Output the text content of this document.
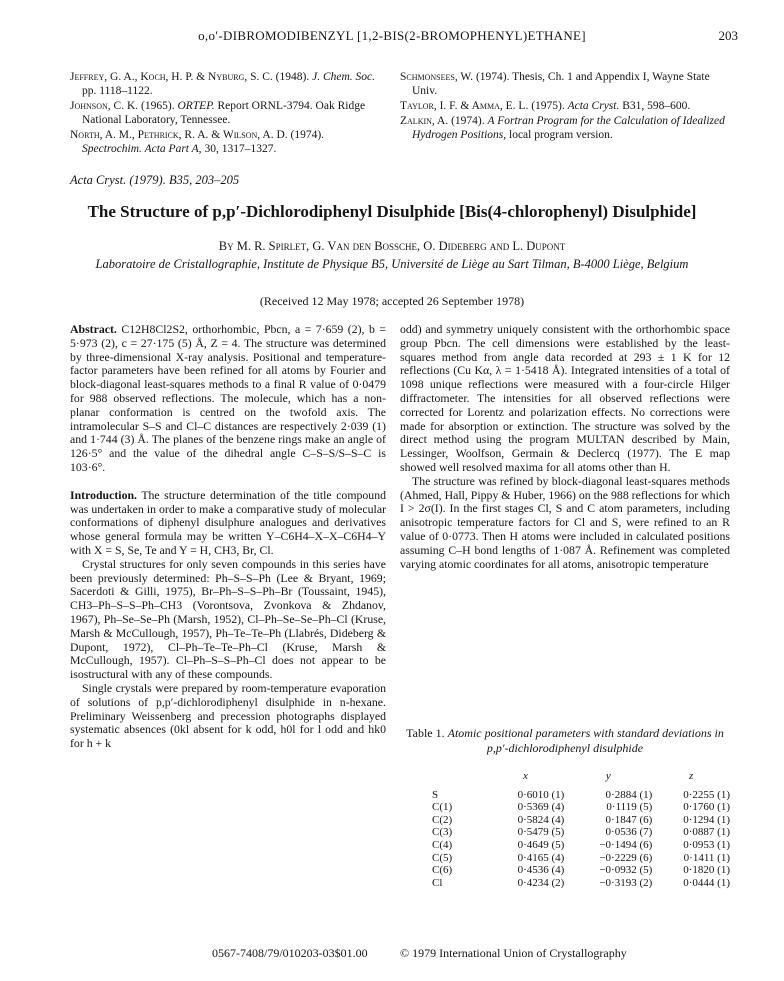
o,o′-DIBROMODIBENZYL [1,2-BIS(2-BROMOPHENYL)ETHANE]	203

Jeffrey, G. A., Koch, H. P. & Nyburg, S. C. (1948). J. Chem. Soc. pp. 1118–1122.

Johnson, C. K. (1965). ORTEP. Report ORNL-3794. Oak Ridge National Laboratory, Tennessee.

North, A. M., Pethrick, R. A. & Wilson, A. D. (1974). Spectrochim. Acta Part A, 30, 1317–1327.

Schmonsees, W. (1974). Thesis, Ch. 1 and Appendix I, Wayne State Univ.

Taylor, I. F. & Amma, E. L. (1975). Acta Cryst. B31, 598–600.

Zalkin, A. (1974). A Fortran Program for the Calculation of Idealized Hydrogen Positions, local program version.

Acta Cryst. (1979). B35, 203–205
The Structure of p,p′-Dichlorodiphenyl Disulphide [Bis(4-chlorophenyl) Disulphide]
By M. R. Spirlet, G. Van den Bossche, O. Dideberg and L. Dupont
Laboratoire de Cristallographie, Institute de Physique B5, Université de Liège au Sart Tilman, B-4000 Liège, Belgium
(Received 12 May 1978; accepted 26 September 1978)

Abstract. C12H8Cl2S2, orthorhombic, Pbcn, a = 7·659 (2), b = 5·973 (2), c = 27·175 (5) Å, Z = 4. The structure was determined by three-dimensional X-ray analysis. Positional and temperature-factor parameters have been refined for all atoms by Fourier and block-diagonal least-squares methods to a final R value of 0·0479 for 988 observed reflections. The molecule, which has a non-planar conformation is centred on the twofold axis. The intramolecular S–S and Cl–C distances are respectively 2·039 (1) and 1·744 (3) Å. The planes of the benzene rings make an angle of 126·5° and the value of the dihedral angle C–S–S/S–S–C is 103·6°.

Introduction. The structure determination of the title compound was undertaken in order to make a comparative study of molecular conformations of diphenyl disulphure analogues and derivatives whose general formula may be written Y–C6H4–X–X–C6H4–Y with X = S, Se, Te and Y = H, CH3, Br, Cl.

Crystal structures for only seven compounds in this series have been previously determined: Ph–S–S–Ph (Lee & Bryant, 1969; Sacerdoti & Gilli, 1975), Br–Ph–S–S–Ph–Br (Toussaint, 1945), CH3–Ph–S–S–Ph–CH3 (Vorontsova, Zvonkova & Zhdanov, 1967), Ph–Se–Se–Ph (Marsh, 1952), Cl–Ph–Se–Se–Ph–Cl (Kruse, Marsh & McCullough, 1957), Ph–Te–Te–Ph (Llabrés, Dideberg & Dupont, 1972), Cl–Ph–Te–Te–Ph–Cl (Kruse, Marsh & McCullough, 1957). Cl–Ph–S–S–Ph–Cl does not appear to be isostructural with any of these compounds.

Single crystals were prepared by room-temperature evaporation of solutions of p,p′-dichlorodiphenyl disulphide in n-hexane. Preliminary Weissenberg and precession photographs displayed systematic absences (0kl absent for k odd, h0l for l odd and hk0 for h + k

odd) and symmetry uniquely consistent with the orthorhombic space group Pbcn. The cell dimensions were established by the least-squares method from angle data recorded at 293 ± 1 K for 12 reflections (Cu Kα, λ = 1·5418 Å). Integrated intensities of a total of 1098 unique reflections were measured with a four-circle Hilger diffractometer. The intensities for all observed reflections were corrected for Lorentz and polarization effects. No corrections were made for absorption or extinction. The structure was solved by the direct method using the program MULTAN described by Main, Lessinger, Woolfson, Germain & Declercq (1977). The E map showed well resolved maxima for all atoms other than H.

The structure was refined by block-diagonal least-squares methods (Ahmed, Hall, Pippy & Huber, 1966) on the 988 reflections for which I > 2σ(I). In the first stages Cl, S and C atom parameters, including anisotropic temperature factors for Cl and S, were refined to an R value of 0·0773. Then H atoms were included in calculated positions assuming C–H bond lengths of 1·087 Å. Refinement was completed varying atomic coordinates for all atoms, anisotropic temperature

Table 1. Atomic positional parameters with standard deviations in p,p′-dichlorodiphenyl disulphide
	x	y	z
S	0·6010 (1)	0·2884 (1)	0·2255 (1)
C(1)	0·5369 (4)	0·1119 (5)	0·1760 (1)
C(2)	0·5824 (4)	0·1847 (6)	0·1294 (1)
C(3)	0·5479 (5)	0·0536 (7)	0·0887 (1)
C(4)	0·4649 (5)	−0·1494 (6)	0·0953 (1)
C(5)	0·4165 (4)	−0·2229 (6)	0·1411 (1)
C(6)	0·4536 (4)	−0·0932 (5)	0·1820 (1)
Cl	0·4234 (2)	−0·3193 (2)	0·0444 (1)
0567-7408/79/010203-03$01.00	© 1979 International Union of Crystallography
